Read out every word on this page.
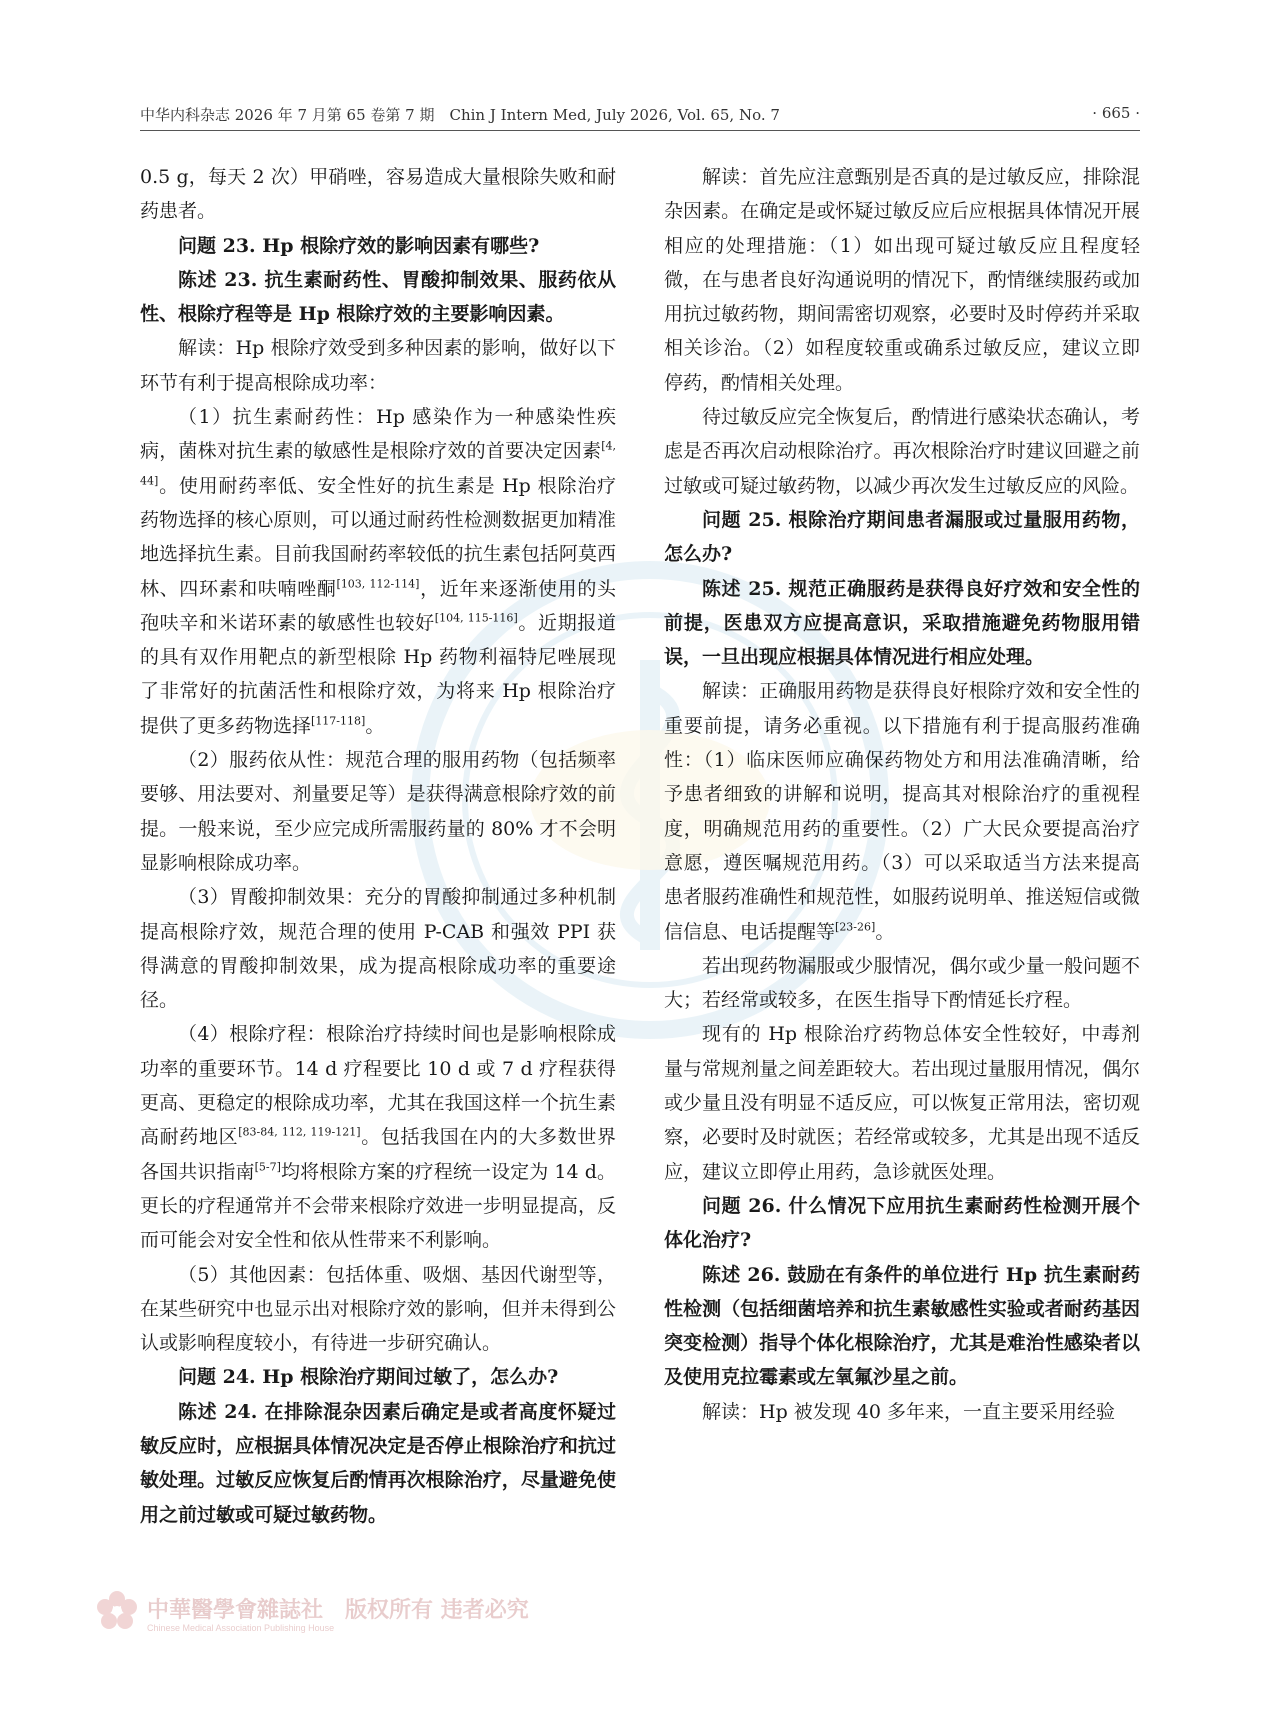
中华内科杂志 2026 年 7 月第 65 卷第 7 期　Chin J Intern Med, July 2026, Vol. 65, No. 7	· 665 ·

0.5 g，每天 2 次）甲硝唑，容易造成大量根除失败和耐药患者。

问题 23. Hp 根除疗效的影响因素有哪些?

陈述 23. 抗生素耐药性、胃酸抑制效果、服药依从性、根除疗程等是 Hp 根除疗效的主要影响因素。

解读：Hp 根除疗效受到多种因素的影响，做好以下环节有利于提高根除成功率：

（1）抗生素耐药性：Hp 感染作为一种感染性疾病，菌株对抗生素的敏感性是根除疗效的首要决定因素[4, 44]。使用耐药率低、安全性好的抗生素是 Hp 根除治疗药物选择的核心原则，可以通过耐药性检测数据更加精准地选择抗生素。目前我国耐药率较低的抗生素包括阿莫西林、四环素和呋喃唑酮[103, 112-114]，近年来逐渐使用的头孢呋辛和米诺环素的敏感性也较好[104, 115-116]。近期报道的具有双作用靶点的新型根除 Hp 药物利福特尼唑展现了非常好的抗菌活性和根除疗效，为将来 Hp 根除治疗提供了更多药物选择[117-118]。

（2）服药依从性：规范合理的服用药物（包括频率要够、用法要对、剂量要足等）是获得满意根除疗效的前提。一般来说，至少应完成所需服药量的 80% 才不会明显影响根除成功率。

（3）胃酸抑制效果：充分的胃酸抑制通过多种机制提高根除疗效，规范合理的使用 P-CAB 和强效 PPI 获得满意的胃酸抑制效果，成为提高根除成功率的重要途径。

（4）根除疗程：根除治疗持续时间也是影响根除成功率的重要环节。14 d 疗程要比 10 d 或 7 d 疗程获得更高、更稳定的根除成功率，尤其在我国这样一个抗生素高耐药地区[83-84, 112, 119-121]。包括我国在内的大多数世界各国共识指南[5-7]均将根除方案的疗程统一设定为 14 d。更长的疗程通常并不会带来根除疗效进一步明显提高，反而可能会对安全性和依从性带来不利影响。

（5）其他因素：包括体重、吸烟、基因代谢型等，在某些研究中也显示出对根除疗效的影响，但并未得到公认或影响程度较小，有待进一步研究确认。

问题 24. Hp 根除治疗期间过敏了，怎么办?

陈述 24. 在排除混杂因素后确定是或者高度怀疑过敏反应时，应根据具体情况决定是否停止根除治疗和抗过敏处理。过敏反应恢复后酌情再次根除治疗，尽量避免使用之前过敏或可疑过敏药物。

解读：首先应注意甄别是否真的是过敏反应，排除混杂因素。在确定是或怀疑过敏反应后应根据具体情况开展相应的处理措施：（1）如出现可疑过敏反应且程度轻微，在与患者良好沟通说明的情况下，酌情继续服药或加用抗过敏药物，期间需密切观察，必要时及时停药并采取相关诊治。（2）如程度较重或确系过敏反应，建议立即停药，酌情相关处理。

待过敏反应完全恢复后，酌情进行感染状态确认，考虑是否再次启动根除治疗。再次根除治疗时建议回避之前过敏或可疑过敏药物，以减少再次发生过敏反应的风险。

问题 25. 根除治疗期间患者漏服或过量服用药物，怎么办?

陈述 25. 规范正确服药是获得良好疗效和安全性的前提，医患双方应提高意识，采取措施避免药物服用错误，一旦出现应根据具体情况进行相应处理。

解读：正确服用药物是获得良好根除疗效和安全性的重要前提，请务必重视。以下措施有利于提高服药准确性：（1）临床医师应确保药物处方和用法准确清晰，给予患者细致的讲解和说明，提高其对根除治疗的重视程度，明确规范用药的重要性。（2）广大民众要提高治疗意愿，遵医嘱规范用药。（3）可以采取适当方法来提高患者服药准确性和规范性，如服药说明单、推送短信或微信信息、电话提醒等[23-26]。

若出现药物漏服或少服情况，偶尔或少量一般问题不大；若经常或较多，在医生指导下酌情延长疗程。

现有的 Hp 根除治疗药物总体安全性较好，中毒剂量与常规剂量之间差距较大。若出现过量服用情况，偶尔或少量且没有明显不适反应，可以恢复正常用法，密切观察，必要时及时就医；若经常或较多，尤其是出现不适反应，建议立即停止用药，急诊就医处理。

问题 26. 什么情况下应用抗生素耐药性检测开展个体化治疗?

陈述 26. 鼓励在有条件的单位进行 Hp 抗生素耐药性检测（包括细菌培养和抗生素敏感性实验或者耐药基因突变检测）指导个体化根除治疗，尤其是难治性感染者以及使用克拉霉素或左氧氟沙星之前。

解读：Hp 被发现 40 多年来，一直主要采用经验

中華醫學會雜誌社　 版权所有 违者必究
Chinese Medical Association Publishing House
